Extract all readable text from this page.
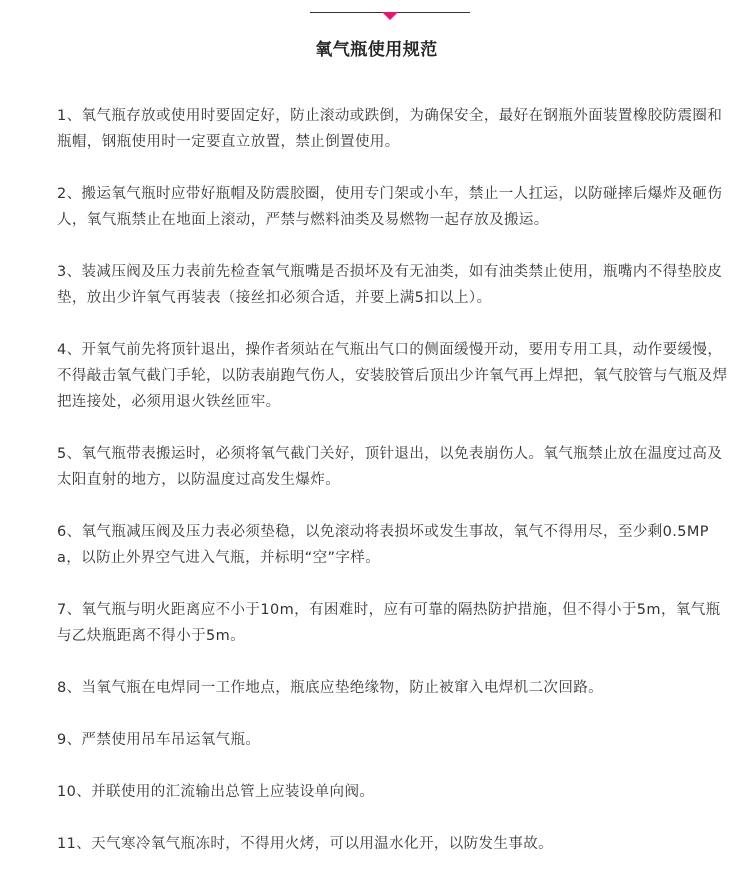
氧气瓶使用规范
1、氧气瓶存放或使用时要固定好，防止滚动或跌倒，为确保安全，最好在钢瓶外面装置橡胶防震圈和瓶帽，钢瓶使用时一定要直立放置，禁止倒置使用。
2、搬运氧气瓶时应带好瓶帽及防震胶圈，使用专门架或小车，禁止一人扛运，以防碰摔后爆炸及砸伤人，氧气瓶禁止在地面上滚动，严禁与燃料油类及易燃物一起存放及搬运。
3、装减压阀及压力表前先检查氧气瓶嘴是否损坏及有无油类，如有油类禁止使用，瓶嘴内不得垫胶皮垫，放出少许氧气再装表（接丝扣必须合适，并要上满5扣以上）。
4、开氧气前先将顶针退出，操作者须站在气瓶出气口的侧面缓慢开动，要用专用工具，动作要缓慢，不得敲击氧气截门手轮，以防表崩跑气伤人，安装胶管后顶出少许氧气再上焊把，氧气胶管与气瓶及焊把连接处，必须用退火铁丝匝牢。
5、氧气瓶带表搬运时，必须将氧气截门关好，顶针退出，以免表崩伤人。氧气瓶禁止放在温度过高及太阳直射的地方，以防温度过高发生爆炸。
6、氧气瓶减压阀及压力表必须垫稳，以免滚动将表损坏或发生事故，氧气不得用尽，至少剩0.5MPa，以防止外界空气进入气瓶，并标明“空”字样。
7、氧气瓶与明火距离应不小于10m，有困难时，应有可靠的隔热防护措施，但不得小于5m，氧气瓶与乙炔瓶距离不得小于5m。
8、当氧气瓶在电焊同一工作地点，瓶底应垫绝缘物，防止被窜入电焊机二次回路。
9、严禁使用吊车吊运氧气瓶。
10、并联使用的汇流输出总管上应装设单向阀。
11、天气寒冷氧气瓶冻时，不得用火烤，可以用温水化开，以防发生事故。
